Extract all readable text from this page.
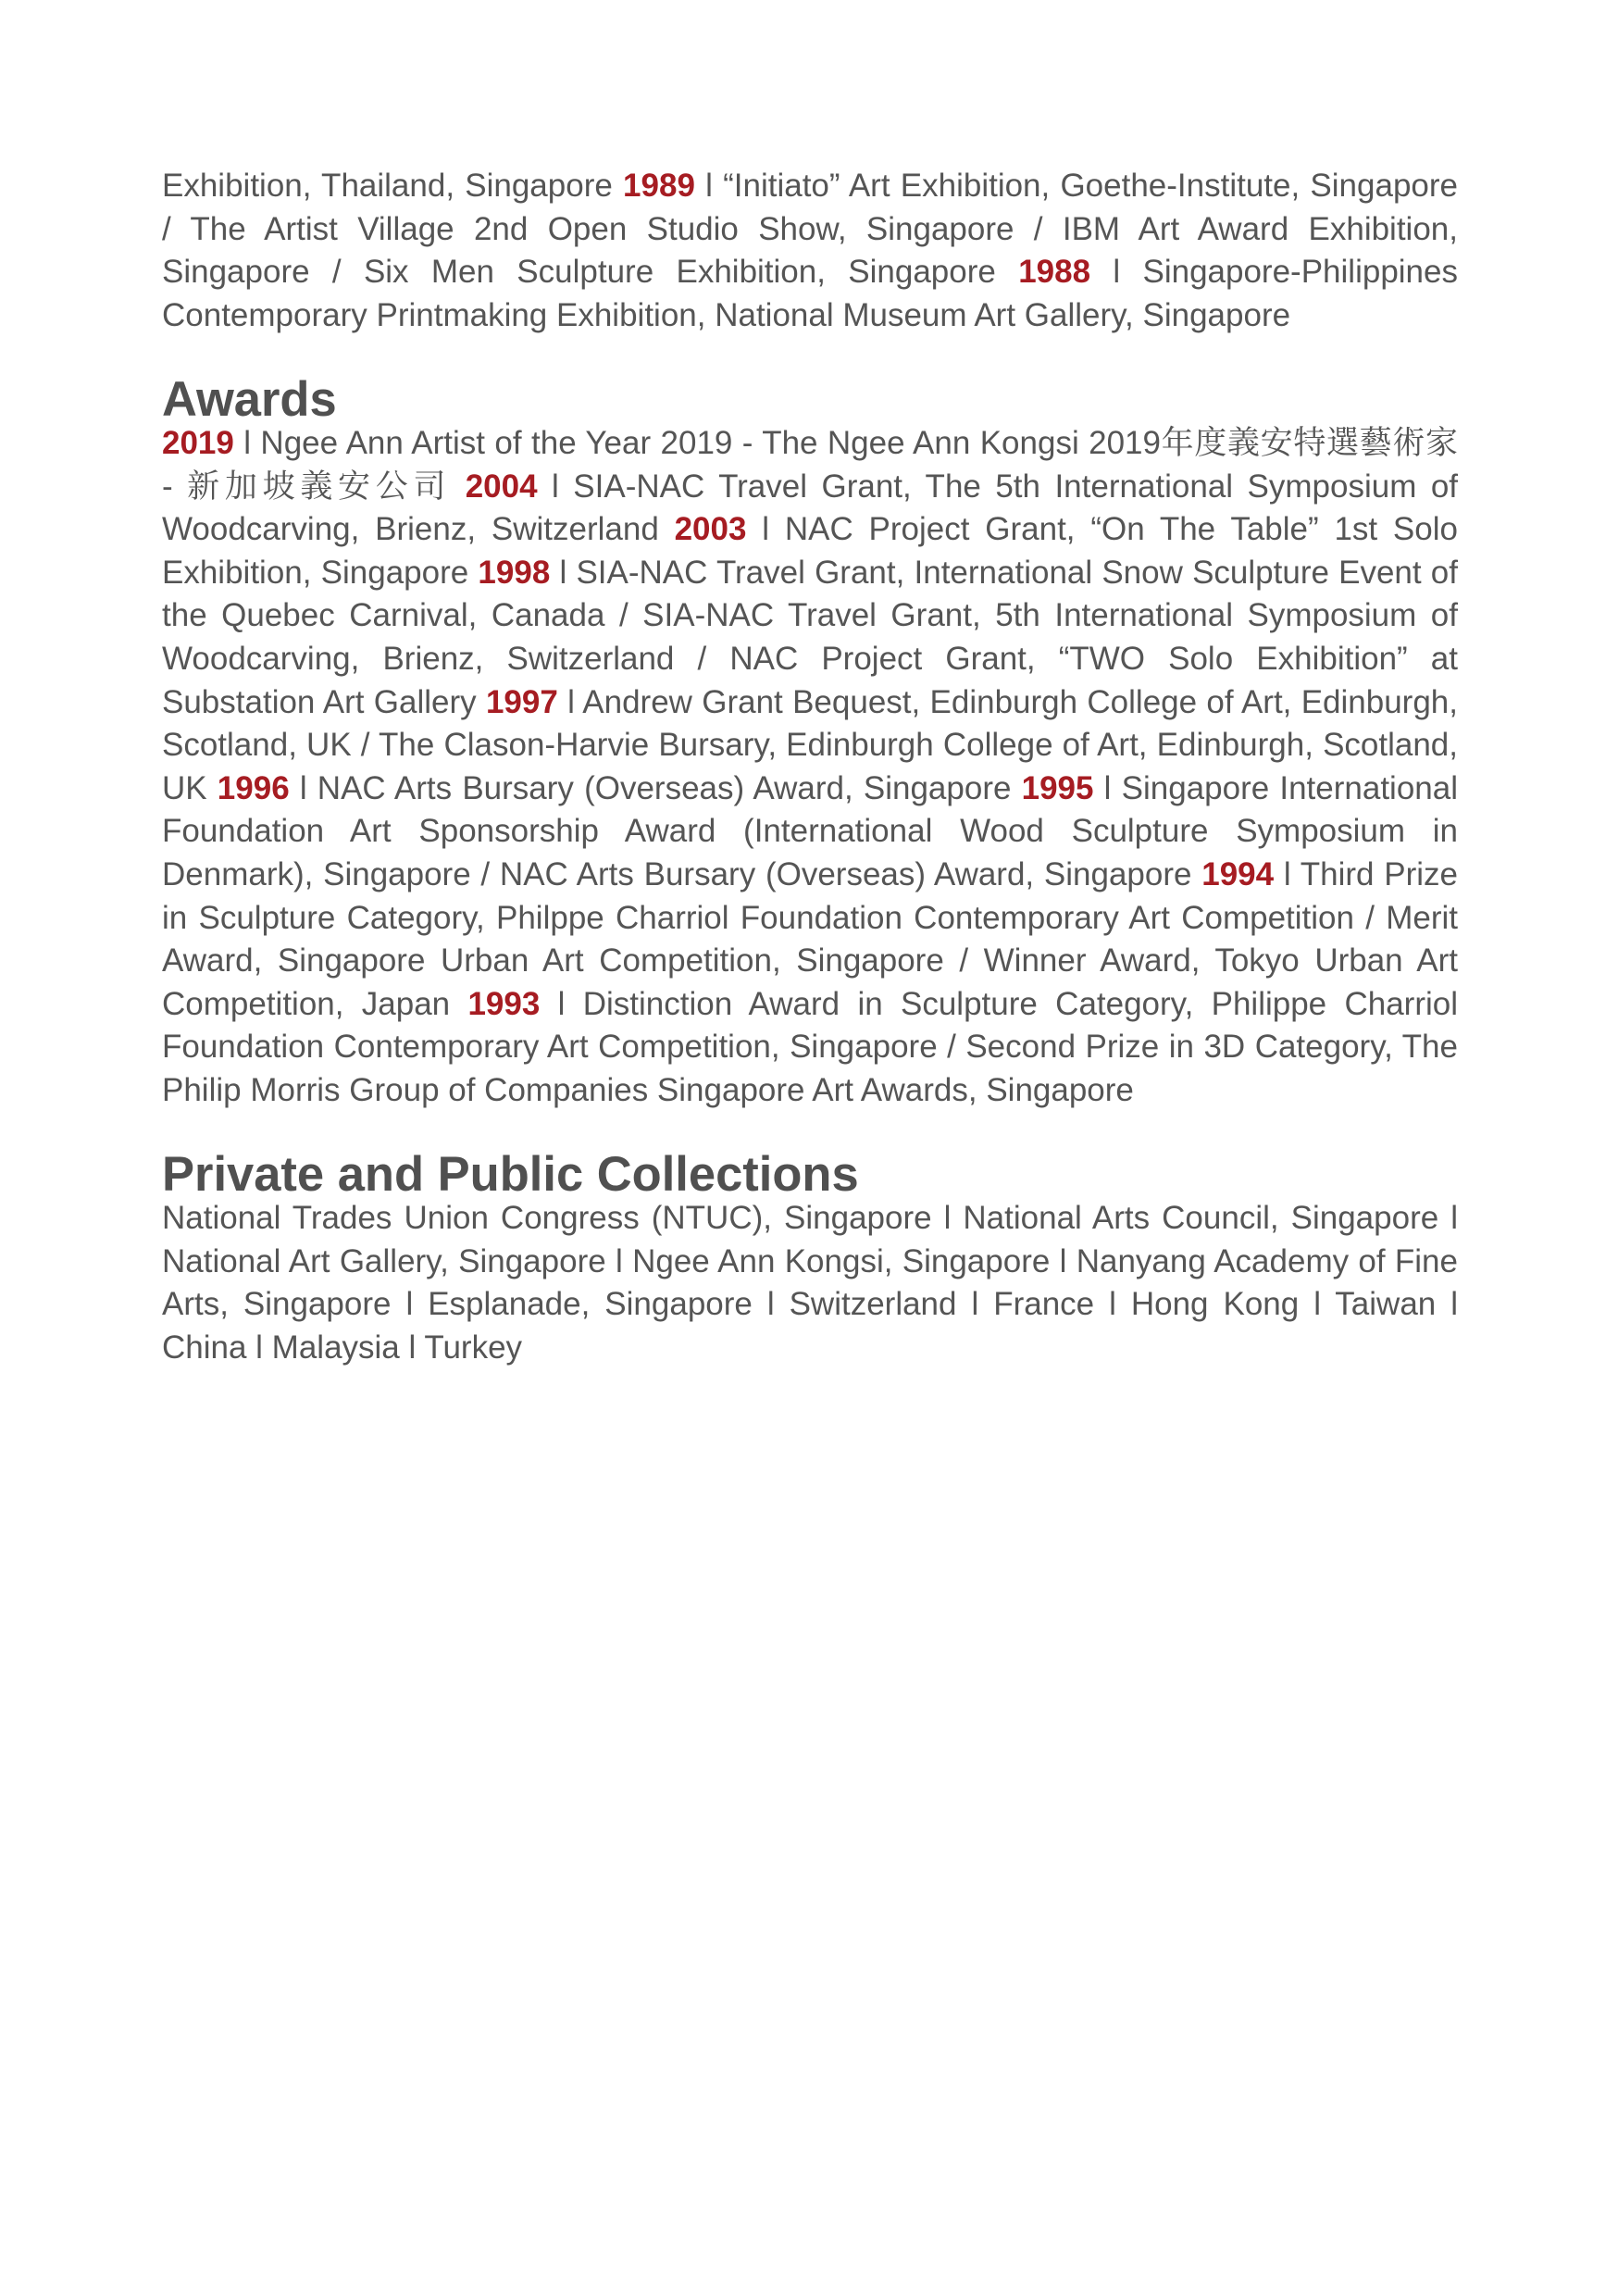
Exhibition, Thailand, Singapore 1989 l “Initiato” Art Exhibition, Goethe-Institute, Singapore / The Artist Village 2nd Open Studio Show, Singapore / IBM Art Award Exhibition, Singapore / Six Men Sculpture Exhibition, Singapore 1988 l Singapore-Philippines Contemporary Printmaking Exhibition, National Museum Art Gallery, Singapore

Awards

2019 l Ngee Ann Artist of the Year 2019 - The Ngee Ann Kongsi 2019年度義安特選藝術家 - 新加坡義安公司 2004 l SIA-NAC Travel Grant, The 5th International Symposium of Woodcarving, Brienz, Switzerland 2003 l NAC Project Grant, “On The Table” 1st Solo Exhibition, Singapore 1998 l SIA-NAC Travel Grant, International Snow Sculpture Event of the Quebec Carnival, Canada / SIA-NAC Travel Grant, 5th International Symposium of Woodcarving, Brienz, Switzerland / NAC Project Grant, “TWO Solo Exhibition” at Substation Art Gallery 1997 l Andrew Grant Bequest, Edinburgh College of Art, Edinburgh, Scotland, UK / The Clason-Harvie Bursary, Edinburgh College of Art, Edinburgh, Scotland, UK 1996 l NAC Arts Bursary (Overseas) Award, Singapore 1995 l Singapore International Foundation Art Sponsorship Award (International Wood Sculpture Symposium in Denmark), Singapore / NAC Arts Bursary (Overseas) Award, Singapore 1994 l Third Prize in Sculpture Category, Philppe Charriol Foundation Contemporary Art Competition / Merit Award, Singapore Urban Art Competition, Singapore / Winner Award, Tokyo Urban Art Competition, Japan 1993 l Distinction Award in Sculpture Category, Philippe Charriol Foundation Contemporary Art Competition, Singapore / Second Prize in 3D Category, The Philip Morris Group of Companies Singapore Art Awards, Singapore

Private and Public Collections

National Trades Union Congress (NTUC), Singapore l National Arts Council, Singapore l National Art Gallery, Singapore l Ngee Ann Kongsi, Singapore l Nanyang Academy of Fine Arts, Singapore l Esplanade, Singapore l Switzerland l France l Hong Kong l Taiwan l China l Malaysia l Turkey
